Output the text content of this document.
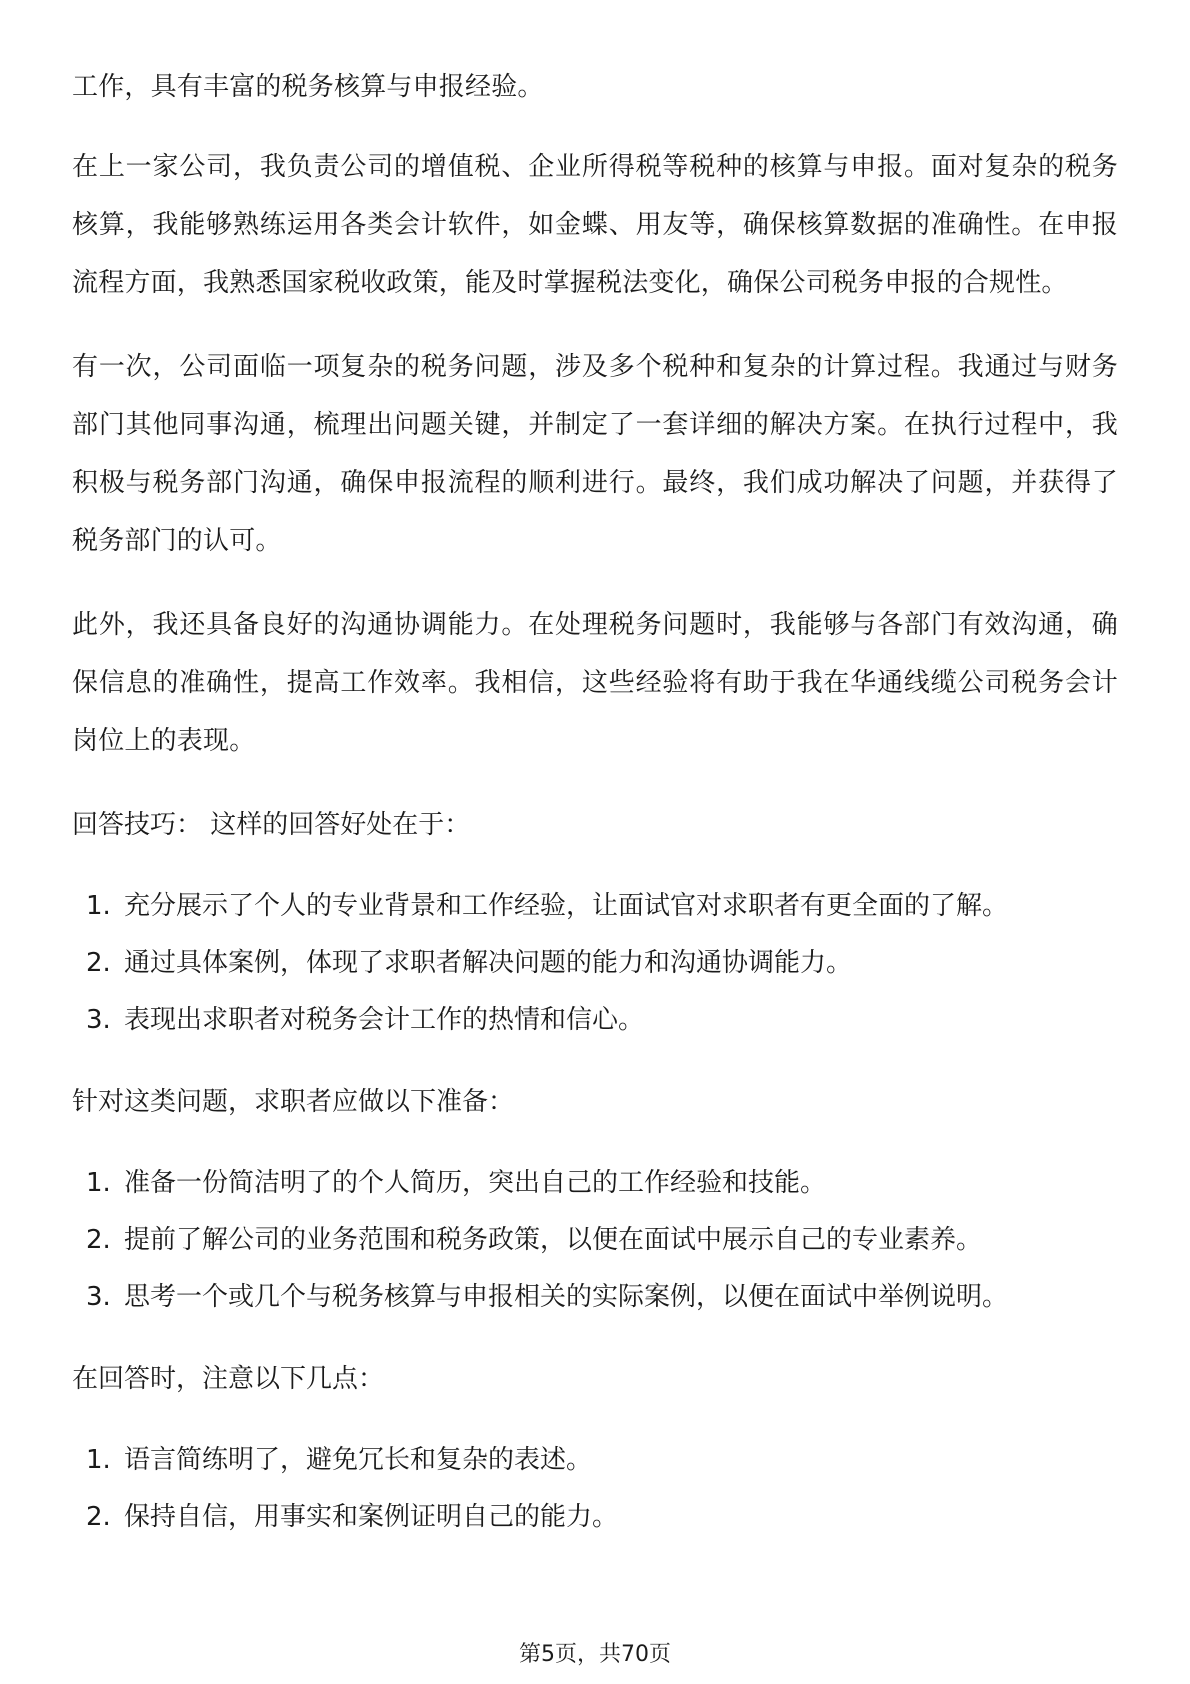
工作，具有丰富的税务核算与申报经验。

在上一家公司，我负责公司的增值税、企业所得税等税种的核算与申报。面对复杂的税务核算，我能够熟练运用各类会计软件，如金蝶、用友等，确保核算数据的准确性。在申报流程方面，我熟悉国家税收政策，能及时掌握税法变化，确保公司税务申报的合规性。

有一次，公司面临一项复杂的税务问题，涉及多个税种和复杂的计算过程。我通过与财务部门其他同事沟通，梳理出问题关键，并制定了一套详细的解决方案。在执行过程中，我积极与税务部门沟通，确保申报流程的顺利进行。最终，我们成功解决了问题，并获得了税务部门的认可。

此外，我还具备良好的沟通协调能力。在处理税务问题时，我能够与各部门有效沟通，确保信息的准确性，提高工作效率。我相信，这些经验将有助于我在华通线缆公司税务会计岗位上的表现。

回答技巧： 这样的回答好处在于：
1. 充分展示了个人的专业背景和工作经验，让面试官对求职者有更全面的了解。
2. 通过具体案例，体现了求职者解决问题的能力和沟通协调能力。
3. 表现出求职者对税务会计工作的热情和信心。
针对这类问题，求职者应做以下准备：
1. 准备一份简洁明了的个人简历，突出自己的工作经验和技能。
2. 提前了解公司的业务范围和税务政策，以便在面试中展示自己的专业素养。
3. 思考一个或几个与税务核算与申报相关的实际案例，以便在面试中举例说明。
在回答时，注意以下几点：
1. 语言简练明了，避免冗长和复杂的表述。
2. 保持自信，用事实和案例证明自己的能力。
第5页，共70页
